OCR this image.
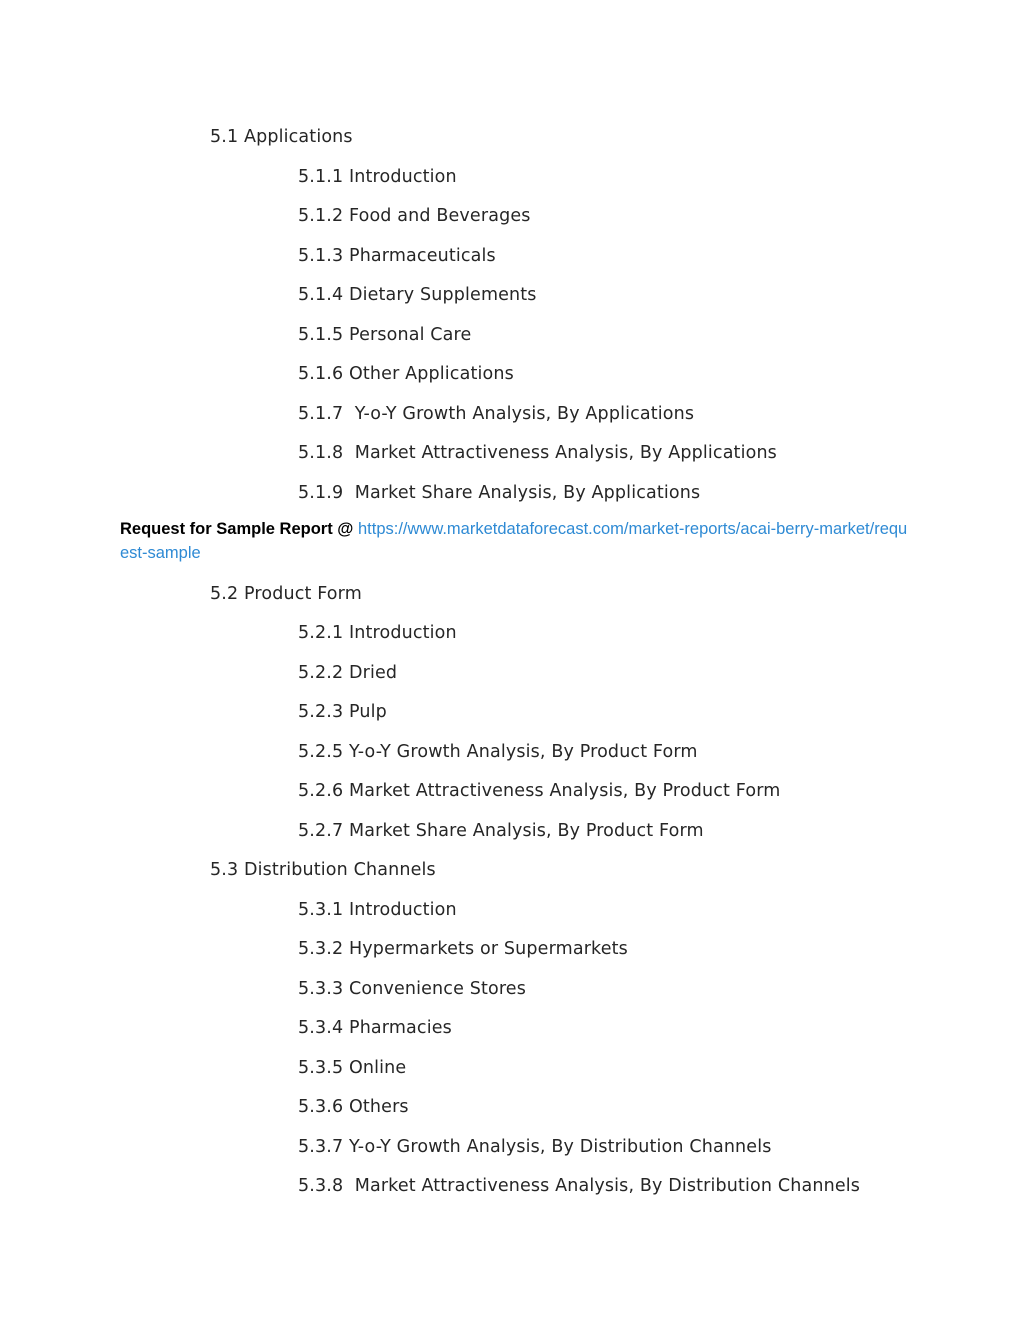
5.1 Applications
5.1.1 Introduction
5.1.2 Food and Beverages
5.1.3 Pharmaceuticals
5.1.4 Dietary Supplements
5.1.5 Personal Care
5.1.6 Other Applications
5.1.7  Y-o-Y Growth Analysis, By Applications
5.1.8  Market Attractiveness Analysis, By Applications
5.1.9  Market Share Analysis, By Applications
Request for Sample Report @ https://www.marketdataforecast.com/market-reports/acai-berry-market/request-sample
5.2 Product Form
5.2.1 Introduction
5.2.2 Dried
5.2.3 Pulp
5.2.5 Y-o-Y Growth Analysis, By Product Form
5.2.6 Market Attractiveness Analysis, By Product Form
5.2.7 Market Share Analysis, By Product Form
5.3 Distribution Channels
5.3.1 Introduction
5.3.2 Hypermarkets or Supermarkets
5.3.3 Convenience Stores
5.3.4 Pharmacies
5.3.5 Online
5.3.6 Others
5.3.7 Y-o-Y Growth Analysis, By Distribution Channels
5.3.8  Market Attractiveness Analysis, By Distribution Channels
